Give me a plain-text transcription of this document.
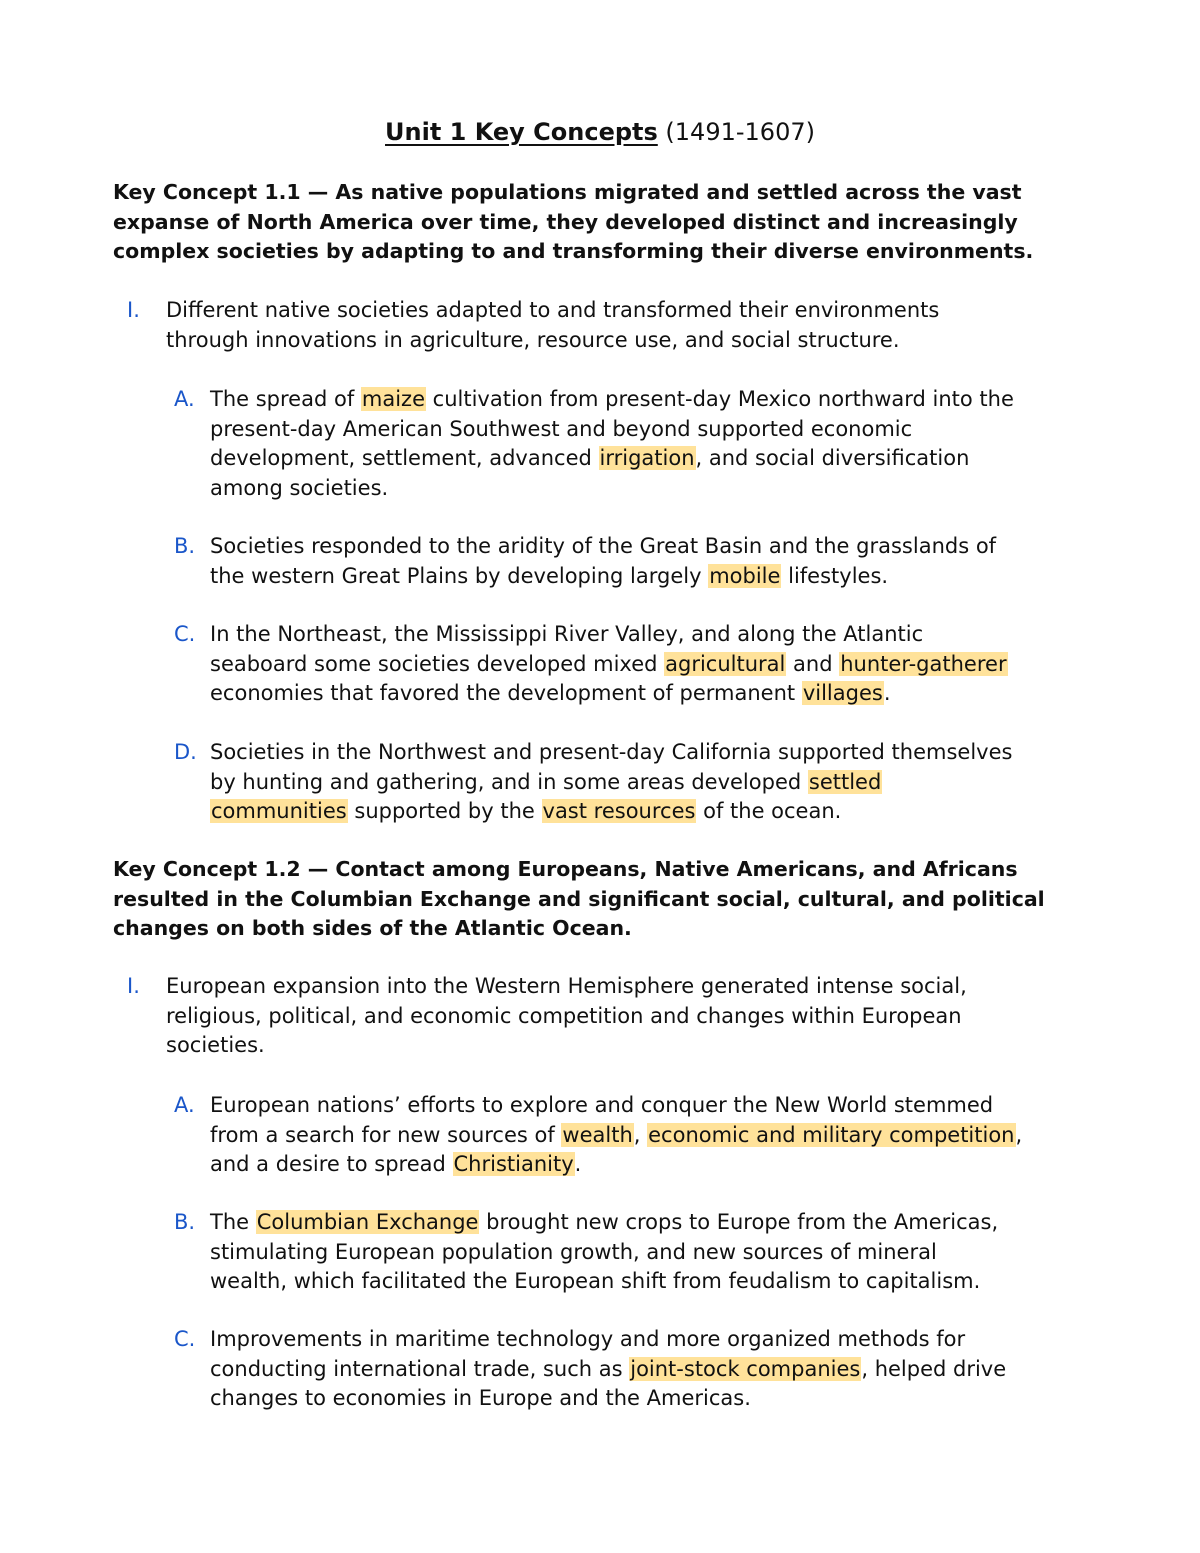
Unit 1 Key Concepts (1491-1607)
Key Concept 1.1 — As native populations migrated and settled across the vast
expanse of North America over time, they developed distinct and increasingly
complex societies by adapting to and transforming their diverse environments.
I. Different native societies adapted to and transformed their environments
through innovations in agriculture, resource use, and social structure.
A. The spread of maize cultivation from present-day Mexico northward into the
present-day American Southwest and beyond supported economic
development, settlement, advanced irrigation, and social diversification
among societies.
B. Societies responded to the aridity of the Great Basin and the grasslands of
the western Great Plains by developing largely mobile lifestyles.
C. In the Northeast, the Mississippi River Valley, and along the Atlantic
seaboard some societies developed mixed agricultural and hunter-gatherer
economies that favored the development of permanent villages.
D. Societies in the Northwest and present-day California supported themselves
by hunting and gathering, and in some areas developed settled
communities supported by the vast resources of the ocean.
Key Concept 1.2 — Contact among Europeans, Native Americans, and Africans
resulted in the Columbian Exchange and significant social, cultural, and political
changes on both sides of the Atlantic Ocean.
I. European expansion into the Western Hemisphere generated intense social,
religious, political, and economic competition and changes within European
societies.
A. European nations’ efforts to explore and conquer the New World stemmed
from a search for new sources of wealth, economic and military competition,
and a desire to spread Christianity.
B. The Columbian Exchange brought new crops to Europe from the Americas,
stimulating European population growth, and new sources of mineral
wealth, which facilitated the European shift from feudalism to capitalism.
C. Improvements in maritime technology and more organized methods for
conducting international trade, such as joint-stock companies, helped drive
changes to economies in Europe and the Americas.
